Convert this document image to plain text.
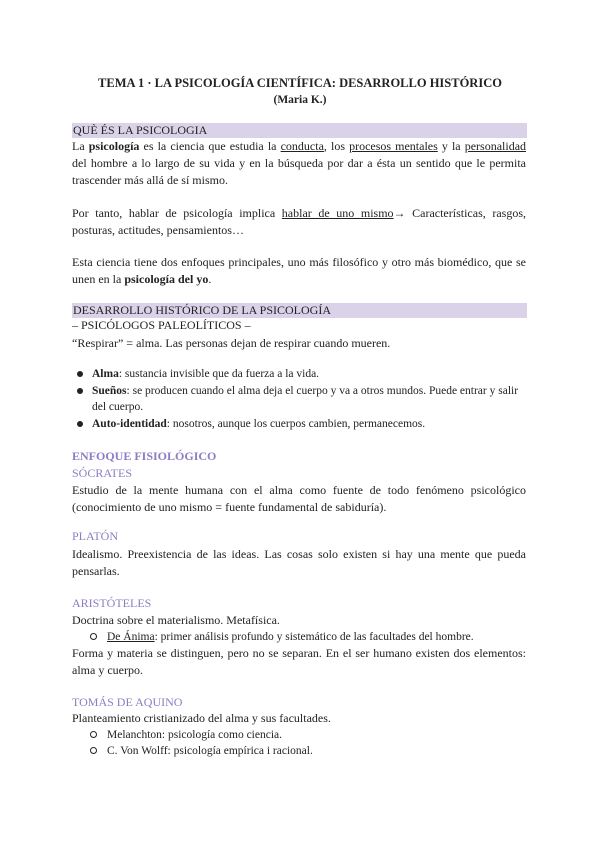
TEMA 1 · LA PSICOLOGÍA CIENTÍFICA: DESARROLLO HISTÓRICO
(Maria K.)
QUÈ ÉS LA PSICOLOGIA
La psicología es la ciencia que estudia la conducta, los procesos mentales y la personalidad del hombre a lo largo de su vida y en la búsqueda por dar a ésta un sentido que le permita trascender más allá de sí mismo.
Por tanto, hablar de psicología implica hablar de uno mismo→ Características, rasgos, posturas, actitudes, pensamientos…
Esta ciencia tiene dos enfoques principales, uno más filosófico y otro más biomédico, que se unen en la psicología del yo.
DESARROLLO HISTÓRICO DE LA PSICOLOGÍA
– PSICÓLOGOS PALEOLÍTICOS –
“Respirar” = alma. Las personas dejan de respirar cuando mueren.
Alma: sustancia invisible que da fuerza a la vida.
Sueños: se producen cuando el alma deja el cuerpo y va a otros mundos. Puede entrar y salir del cuerpo.
Auto-identidad: nosotros, aunque los cuerpos cambien, permanecemos.
ENFOQUE FISIOLÓGICO
SÓCRATES
Estudio de la mente humana con el alma como fuente de todo fenómeno psicológico (conocimiento de uno mismo = fuente fundamental de sabiduría).
PLATÓN
Idealismo. Preexistencia de las ideas. Las cosas solo existen si hay una mente que pueda pensarlas.
ARISTÓTELES
Doctrina sobre el materialismo. Metafísica.
De Ánima: primer análisis profundo y sistemático de las facultades del hombre.
Forma y materia se distinguen, pero no se separan. En el ser humano existen dos elementos: alma y cuerpo.
TOMÁS DE AQUINO
Planteamiento cristianizado del alma y sus facultades.
Melanchton: psicología como ciencia.
C. Von Wolff: psicología empírica i racional.
